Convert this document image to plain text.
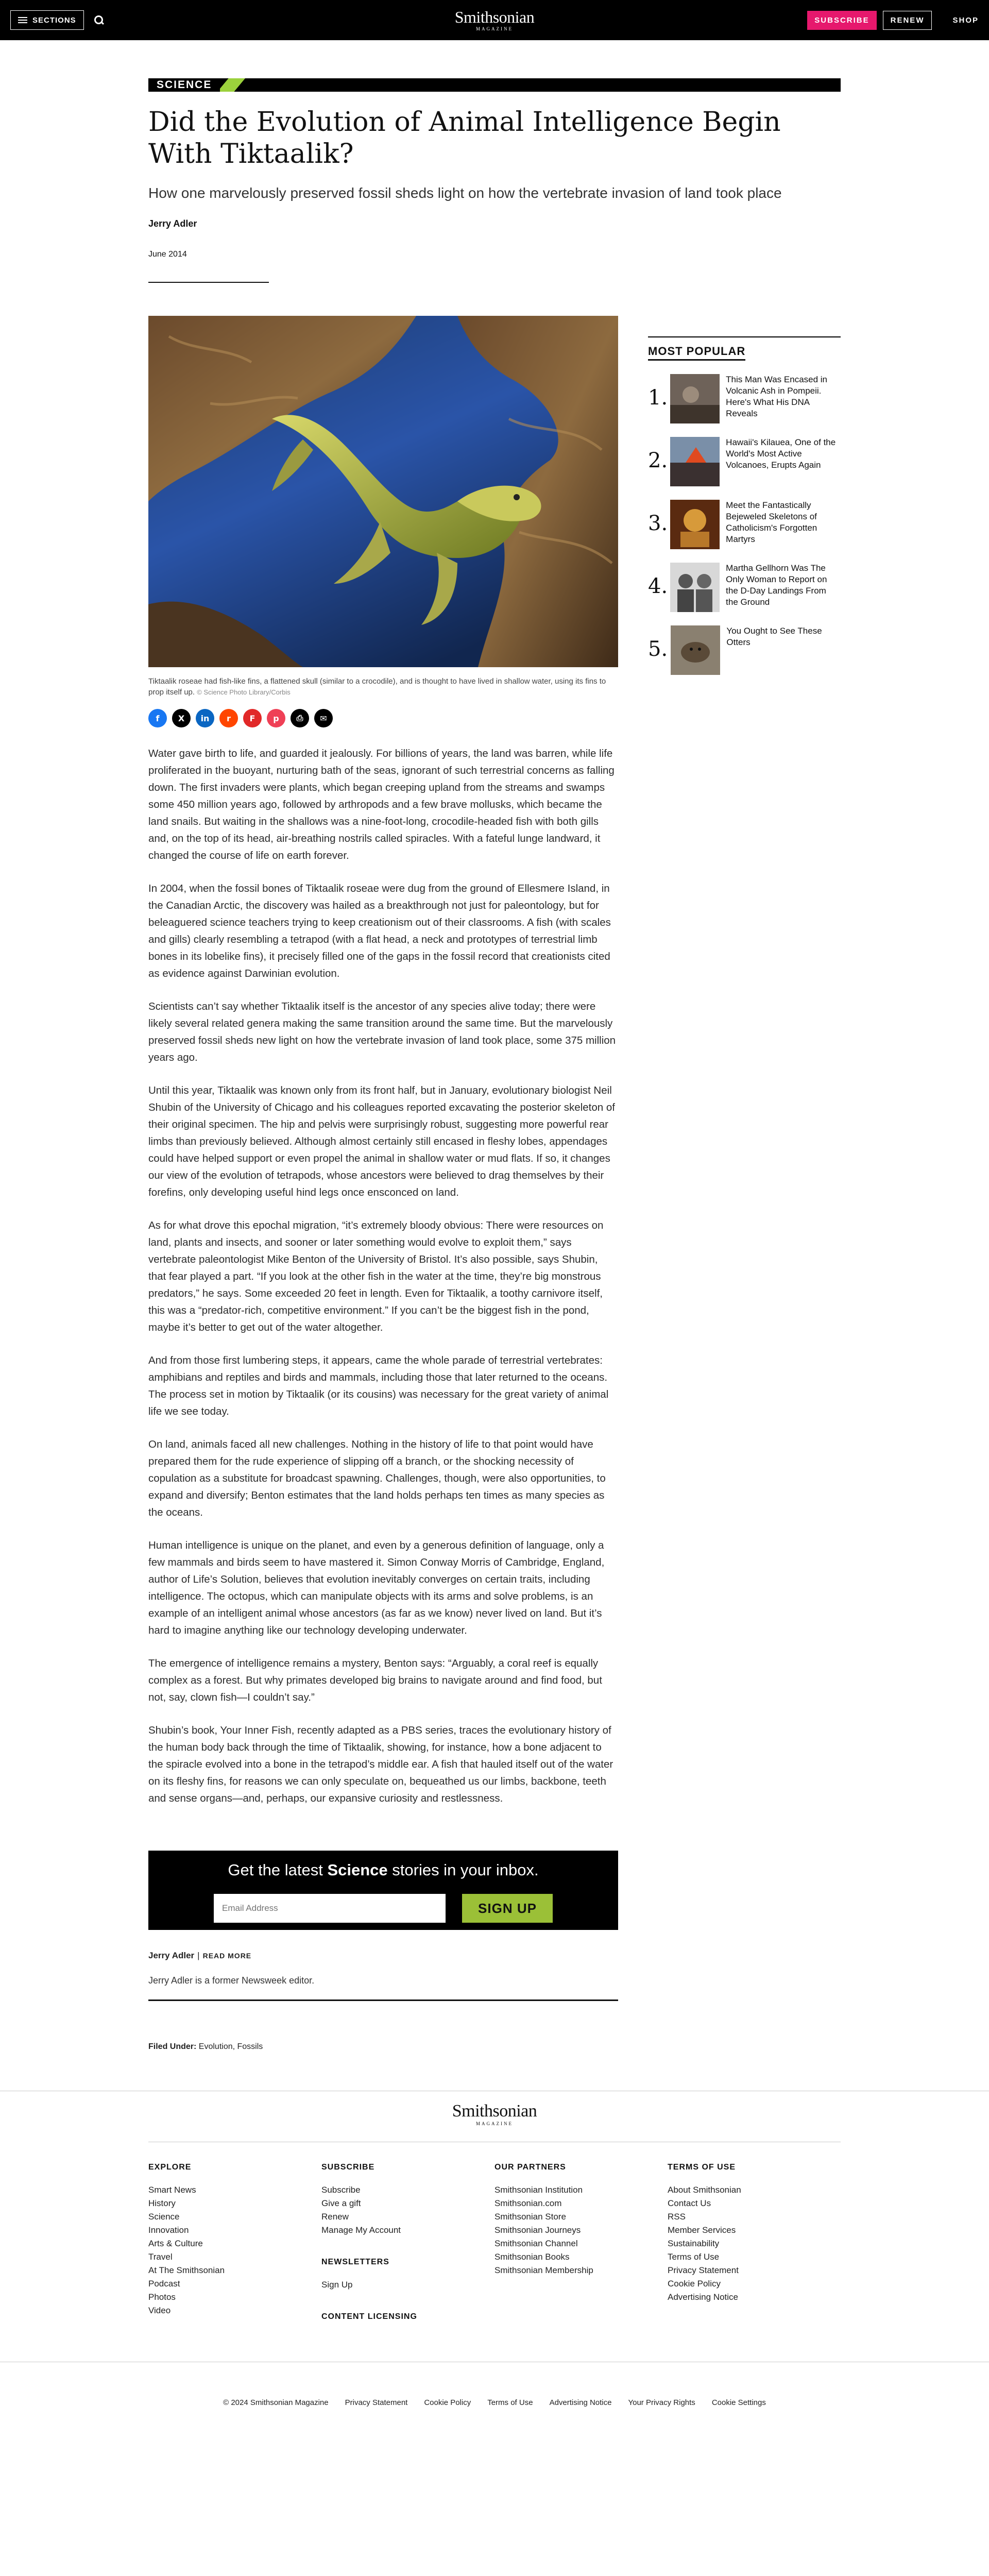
SECTIONS	Smithsonian
MAGAZINE
SUBSCRIBE	RENEW	SHOP
SCIENCE
Did the Evolution of Animal Intelligence Begin With Tiktaalik?
How one marvelously preserved fossil sheds light on how the vertebrate invasion of land took place
Jerry Adler
June 2014
Tiktaalik roseae had fish-like fins, a flattened skull (similar to a crocodile), and is thought to have lived in shallow water, using its fins to prop itself up. © Science Photo Library/Corbis
f	X	in	r	F	p	⎙	✉

Water gave birth to life, and guarded it jealously. For billions of years, the land was barren, while life proliferated in the buoyant, nurturing bath of the seas, ignorant of such terrestrial concerns as falling down. The first invaders were plants, which began creeping upland from the streams and swamps some 450 million years ago, followed by arthropods and a few brave mollusks, which became the land snails. But waiting in the shallows was a nine-foot-long, crocodile-headed fish with both gills and, on the top of its head, air-breathing nostrils called spiracles. With a fateful lunge landward, it changed the course of life on earth forever.

In 2004, when the fossil bones of Tiktaalik roseae were dug from the ground of Ellesmere Island, in the Canadian Arctic, the discovery was hailed as a breakthrough not just for paleontology, but for beleaguered science teachers trying to keep creationism out of their classrooms. A fish (with scales and gills) clearly resembling a tetrapod (with a flat head, a neck and prototypes of terrestrial limb bones in its lobelike fins), it precisely filled one of the gaps in the fossil record that creationists cited as evidence against Darwinian evolution.

Scientists can’t say whether Tiktaalik itself is the ancestor of any species alive today; there were likely several related genera making the same transition around the same time. But the marvelously preserved fossil sheds new light on how the vertebrate invasion of land took place, some 375 million years ago.

Until this year, Tiktaalik was known only from its front half, but in January, evolutionary biologist Neil Shubin of the University of Chicago and his colleagues reported excavating the posterior skeleton of their original specimen. The hip and pelvis were surprisingly robust, suggesting more powerful rear limbs than previously believed. Although almost certainly still encased in fleshy lobes, appendages could have helped support or even propel the animal in shallow water or mud flats. If so, it changes our view of the evolution of tetrapods, whose ancestors were believed to drag themselves by their forefins, only developing useful hind legs once ensconced on land.

As for what drove this epochal migration, “it’s extremely bloody obvious: There were resources on land, plants and insects, and sooner or later something would evolve to exploit them,” says vertebrate paleontologist Mike Benton of the University of Bristol. It’s also possible, says Shubin, that fear played a part. “If you look at the other fish in the water at the time, they’re big monstrous predators,” he says. Some exceeded 20 feet in length. Even for Tiktaalik, a toothy carnivore itself, this was a “predator-rich, competitive environment.” If you can’t be the biggest fish in the pond, maybe it’s better to get out of the water altogether.

And from those first lumbering steps, it appears, came the whole parade of terrestrial vertebrates: amphibians and reptiles and birds and mammals, including those that later returned to the oceans. The process set in motion by Tiktaalik (or its cousins) was necessary for the great variety of animal life we see today.

On land, animals faced all new challenges. Nothing in the history of life to that point would have prepared them for the rude experience of slipping off a branch, or the shocking necessity of copulation as a substitute for broadcast spawning. Challenges, though, were also opportunities, to expand and diversify; Benton estimates that the land holds perhaps ten times as many species as the oceans.

Human intelligence is unique on the planet, and even by a generous definition of language, only a few mammals and birds seem to have mastered it. Simon Conway Morris of Cambridge, England, author of Life’s Solution, believes that evolution inevitably converges on certain traits, including intelligence. The octopus, which can manipulate objects with its arms and solve problems, is an example of an intelligent animal whose ancestors (as far as we know) never lived on land. But it’s hard to imagine anything like our technology developing underwater.

The emergence of intelligence remains a mystery, Benton says: “Arguably, a coral reef is equally complex as a forest. But why primates developed big brains to navigate around and find food, but not, say, clown fish—I couldn’t say.”

Shubin’s book, Your Inner Fish, recently adapted as a PBS series, traces the evolutionary history of the human body back through the time of Tiktaalik, showing, for instance, how a bone adjacent to the spiracle evolved into a bone in the tetrapod’s middle ear. A fish that hauled itself out of the water on its fleshy fins, for reasons we can only speculate on, bequeathed us our limbs, backbone, teeth and sense organs—and, perhaps, our expansive curiosity and restlessness.

Get the latest Science stories in your inbox.
Email Address
SIGN UP
Jerry Adler | READ MORE
Jerry Adler is a former Newsweek editor.
Filed Under: Evolution, Fossils
MOST POPULAR
1.
This Man Was Encased in Volcanic Ash in Pompeii. Here's What His DNA Reveals
2.
Hawaii's Kilauea, One of the World's Most Active Volcanoes, Erupts Again
3.
Meet the Fantastically Bejeweled Skeletons of Catholicism's Forgotten Martyrs
4.
Martha Gellhorn Was The Only Woman to Report on the D-Day Landings From the Ground
5.
You Ought to See These Otters
Smithsonian
MAGAZINE
EXPLORE
Smart News
History
Science
Innovation
Arts & Culture
Travel
At The Smithsonian
Podcast
Photos
Video
SUBSCRIBE
Subscribe
Give a gift
Renew
Manage My Account
NEWSLETTERS
Sign Up
CONTENT LICENSING
OUR PARTNERS
Smithsonian Institution
Smithsonian.com
Smithsonian Store
Smithsonian Journeys
Smithsonian Channel
Smithsonian Books
Smithsonian Membership
TERMS OF USE
About Smithsonian
Contact Us
RSS
Member Services
Sustainability
Terms of Use
Privacy Statement
Cookie Policy
Advertising Notice
© 2024 Smithsonian Magazine Privacy Statement Cookie Policy Terms of Use Advertising Notice Your Privacy Rights Cookie Settings
